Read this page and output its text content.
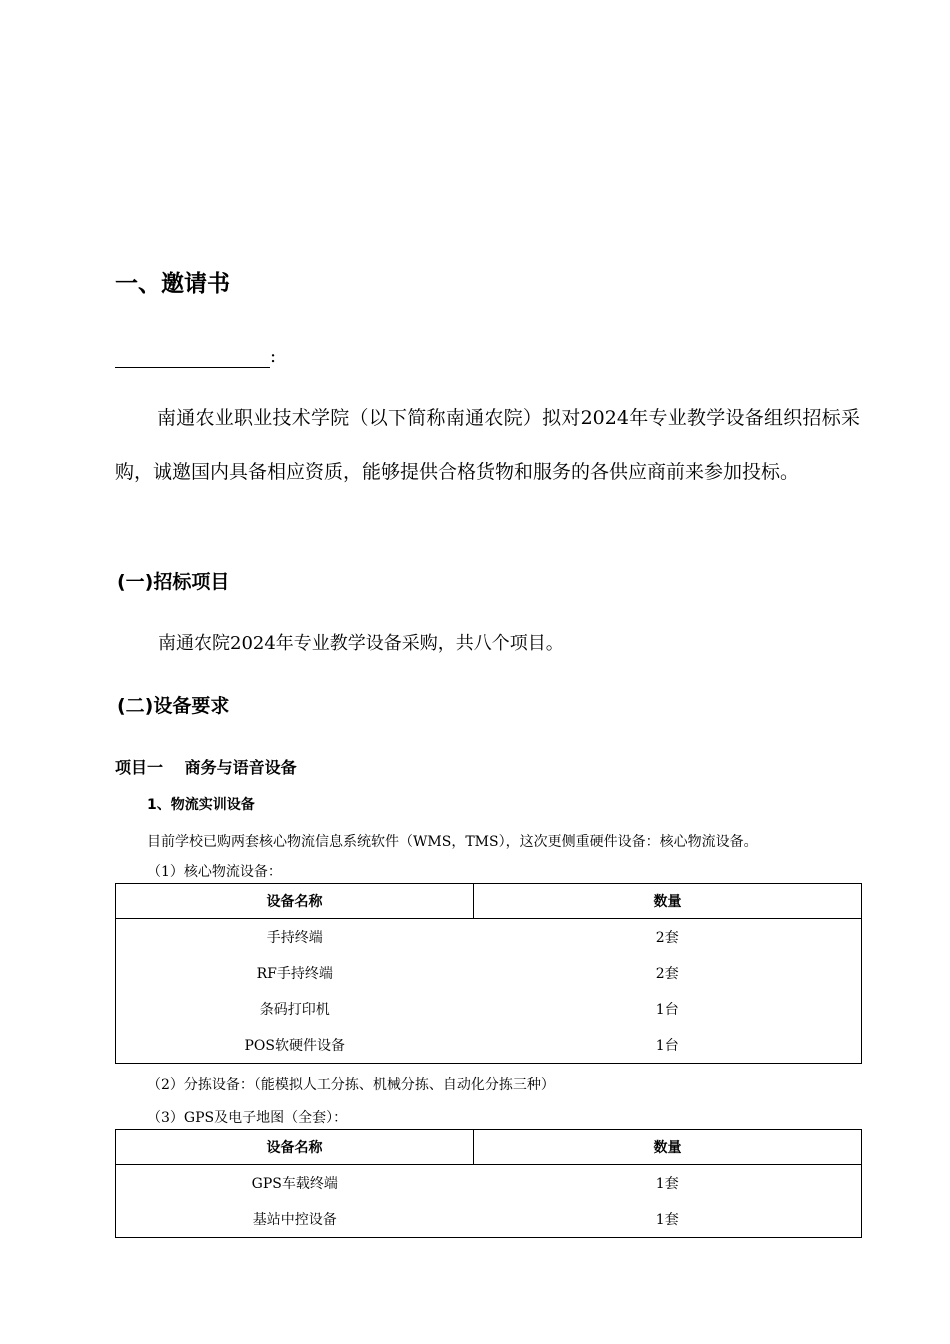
一、邀请书
:
南通农业职业技术学院（以下简称南通农院）拟对2024年专业教学设备组织招标采购，诚邀国内具备相应资质，能够提供合格货物和服务的各供应商前来参加投标。
(一)招标项目
南通农院2024年专业教学设备采购，共八个项目。
(二)设备要求
项目一　 商务与语音设备
1、物流实训设备
目前学校已购两套核心物流信息系统软件（WMS，TMS），这次更侧重硬件设备：核心物流设备。
（1）核心物流设备：
设备名称	数量
手持终端	2套
RF手持终端	2套
条码打印机	1台
POS软硬件设备	1台
（2）分拣设备：（能模拟人工分拣、机械分拣、自动化分拣三种）
（3）GPS及电子地图（全套）：
设备名称	数量
GPS车载终端	1套
基站中控设备	1套
